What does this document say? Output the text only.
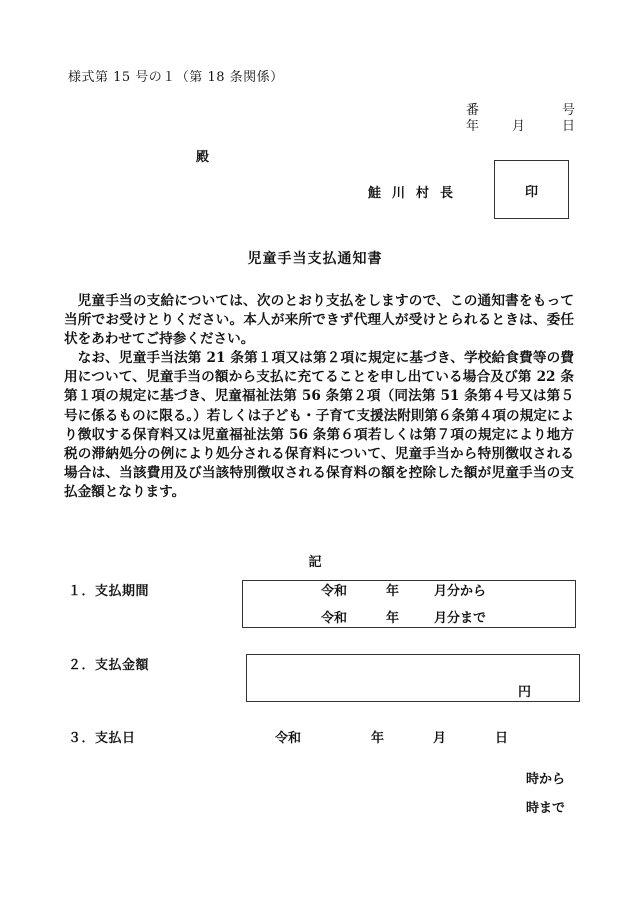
様式第 15 号の１（第 18 条関係）
番	号
年	月	日
殿
鮭川村長	印
児童手当支払通知書

児童手当の支給については、次のとおり支払をしますので、この通知書をもって当所でお受けとりください。本人が来所できず代理人が受けとられるときは、委任状をあわせてご持参ください。

なお、児童手当法第 21 条第１項又は第２項に規定に基づき、学校給食費等の費用について、児童手当の額から支払に充てることを申し出ている場合及び第 22 条第１項の規定に基づき、児童福祉法第 56 条第２項（同法第 51 条第４号又は第５号に係るものに限る。）若しくは子ども・子育て支援法附則第６条第４項の規定により徴収する保育料又は児童福祉法第 56 条第６項若しくは第７項の規定により地方税の滞納処分の例により処分される保育料について、児童手当から特別徴収される場合は、当該費用及び当該特別徴収される保育料の額を控除した額が児童手当の支払金額となります。

記
１．支払期間	令和	年	月分から
令和	年	月分まで
２．支払金額
円
３．支払日	令和	年	月	日
時から
時まで
